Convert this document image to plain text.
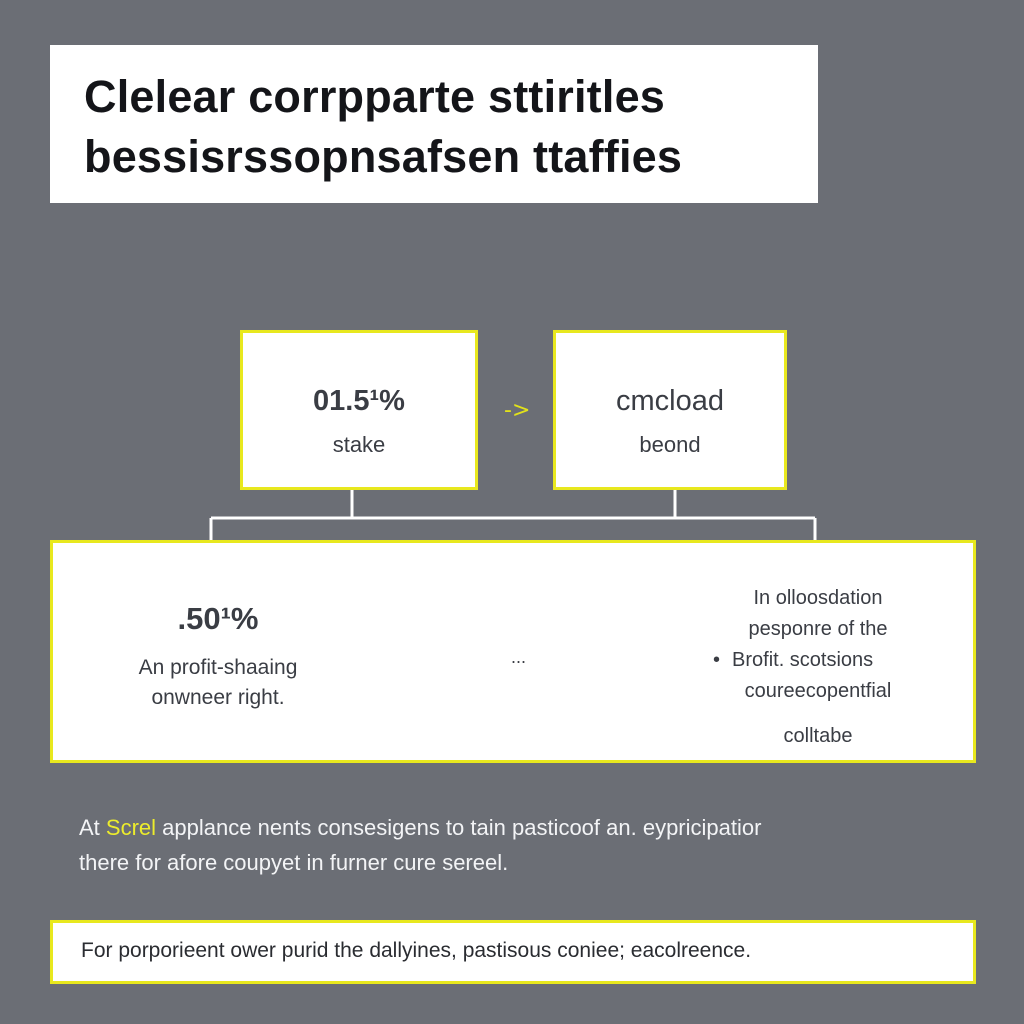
Clelear corrpparte sttiritles
bessisrssopnsafsen ttaffies
01.5¹%
stake
->	cmcload
beond
.50¹%
An profit-shaaing
onwneer right.
...
In olloosdation
pesponre of the
• Brofit. scotsions
coureecopentfial
colltabe
At Screl applance nents consesigens to tain pasticoof an. eypricipatior
there for afore coupyet in furner cure sereel.
For porporieent ower purid the dallyines, pastisous coniee; eacolreence.
